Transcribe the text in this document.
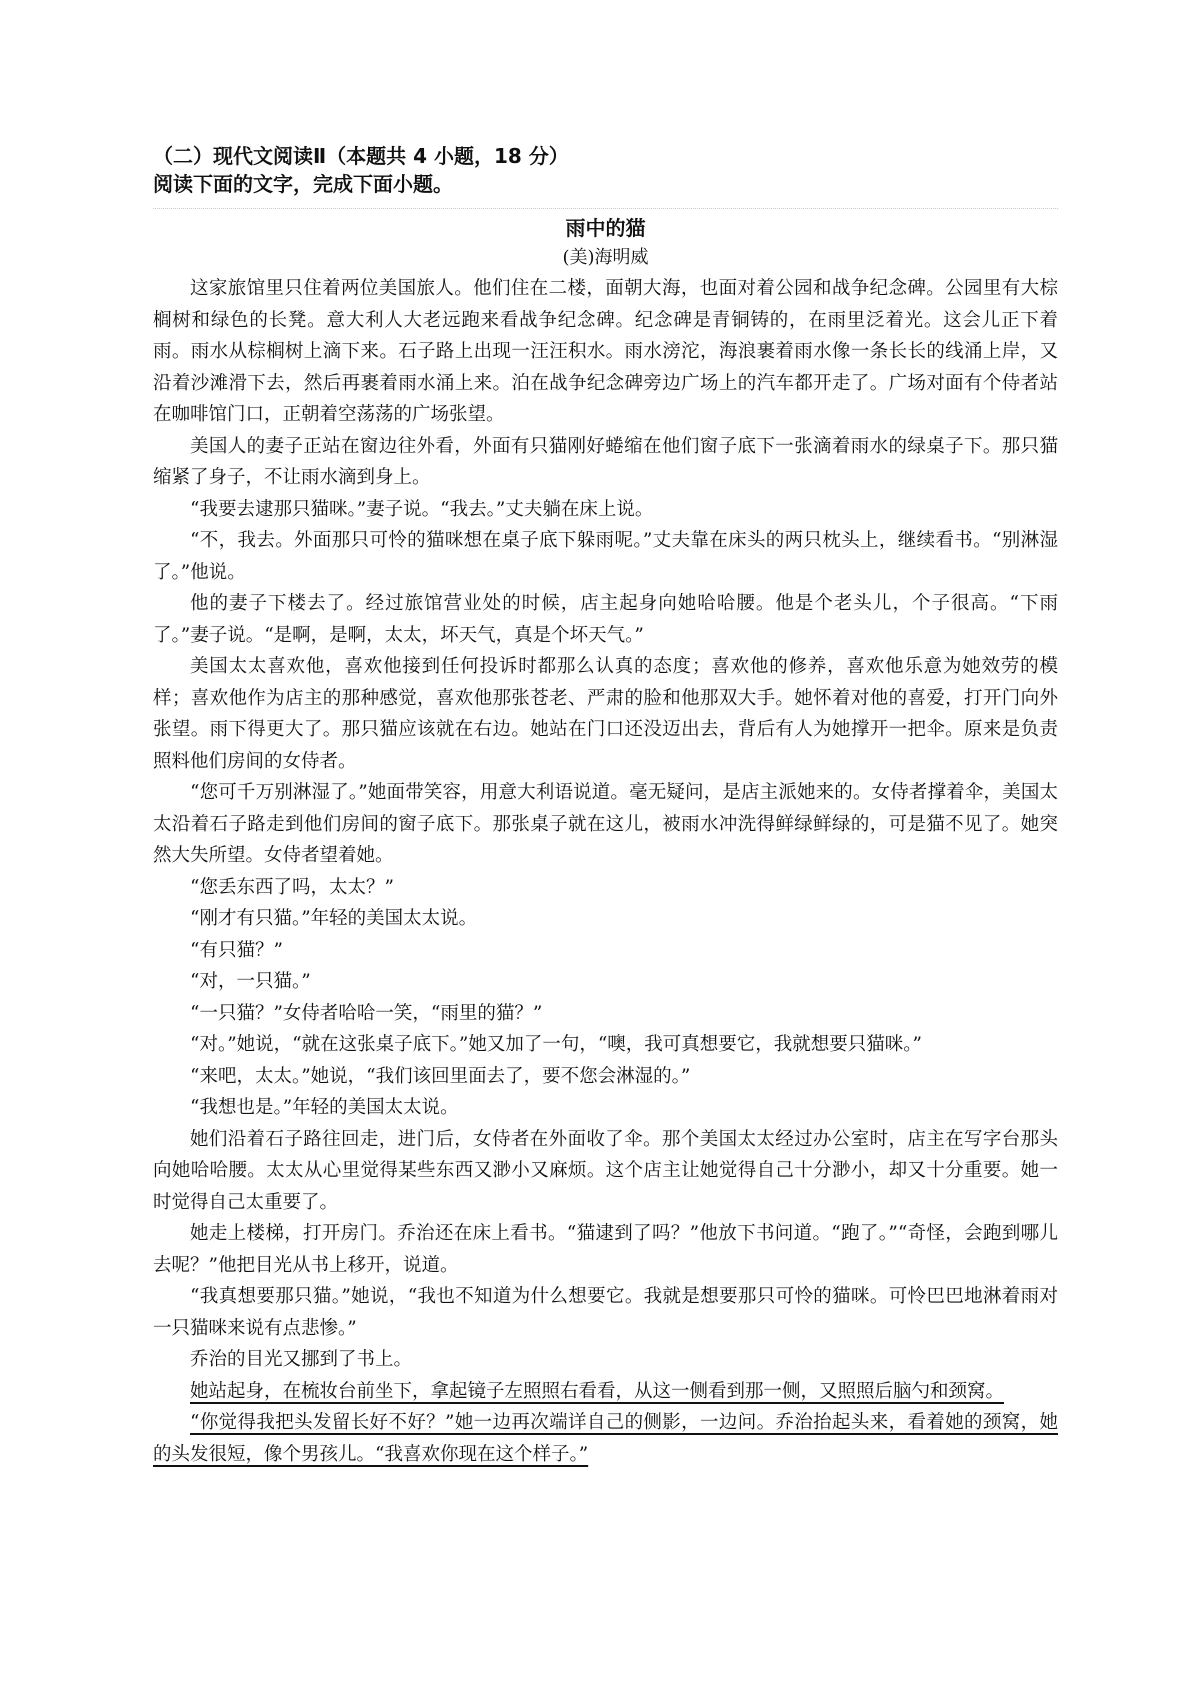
（二）现代文阅读Ⅱ（本题共 4 小题，18 分）

阅读下面的文字，完成下面小题。

雨中的猫

(美)海明威

这家旅馆里只住着两位美国旅人。他们住在二楼，面朝大海，也面对着公园和战争纪念碑。公园里有大棕榈树和绿色的长凳。意大利人大老远跑来看战争纪念碑。纪念碑是青铜铸的，在雨里泛着光。这会儿正下着雨。雨水从棕榈树上滴下来。石子路上出现一汪汪积水。雨水滂沱，海浪裹着雨水像一条长长的线涌上岸，又沿着沙滩滑下去，然后再裹着雨水涌上来。泊在战争纪念碑旁边广场上的汽车都开走了。广场对面有个侍者站在咖啡馆门口，正朝着空荡荡的广场张望。

美国人的妻子正站在窗边往外看，外面有只猫刚好蜷缩在他们窗子底下一张滴着雨水的绿桌子下。那只猫缩紧了身子，不让雨水滴到身上。

“我要去逮那只猫咪。”妻子说。“我去。”丈夫躺在床上说。

“不，我去。外面那只可怜的猫咪想在桌子底下躲雨呢。”丈夫靠在床头的两只枕头上，继续看书。“别淋湿了。”他说。

他的妻子下楼去了。经过旅馆营业处的时候，店主起身向她哈哈腰。他是个老头儿，个子很高。“下雨了。”妻子说。“是啊，是啊，太太，坏天气，真是个坏天气。”

美国太太喜欢他，喜欢他接到任何投诉时都那么认真的态度；喜欢他的修养，喜欢他乐意为她效劳的模样；喜欢他作为店主的那种感觉，喜欢他那张苍老、严肃的脸和他那双大手。她怀着对他的喜爱，打开门向外张望。雨下得更大了。那只猫应该就在右边。她站在门口还没迈出去，背后有人为她撑开一把伞。原来是负责照料他们房间的女侍者。

“您可千万别淋湿了。”她面带笑容，用意大利语说道。毫无疑问，是店主派她来的。女侍者撑着伞，美国太太沿着石子路走到他们房间的窗子底下。那张桌子就在这儿，被雨水冲洗得鲜绿鲜绿的，可是猫不见了。她突然大失所望。女侍者望着她。

“您丢东西了吗，太太？”

“刚才有只猫。”年轻的美国太太说。

“有只猫？”

“对，一只猫。”

“一只猫？”女侍者哈哈一笑，“雨里的猫？”

“对。”她说，“就在这张桌子底下。”她又加了一句，“噢，我可真想要它，我就想要只猫咪。”

“来吧，太太。”她说，“我们该回里面去了，要不您会淋湿的。”

“我想也是。”年轻的美国太太说。

她们沿着石子路往回走，进门后，女侍者在外面收了伞。那个美国太太经过办公室时，店主在写字台那头向她哈哈腰。太太从心里觉得某些东西又渺小又麻烦。这个店主让她觉得自己十分渺小，却又十分重要。她一时觉得自己太重要了。

她走上楼梯，打开房门。乔治还在床上看书。“猫逮到了吗？”他放下书问道。“跑了。”“奇怪，会跑到哪儿去呢？”他把目光从书上移开，说道。

“我真想要那只猫。”她说，“我也不知道为什么想要它。我就是想要那只可怜的猫咪。可怜巴巴地淋着雨对一只猫咪来说有点悲惨。”

乔治的目光又挪到了书上。

她站起身，在梳妆台前坐下，拿起镜子左照照右看看，从这一侧看到那一侧，又照照后脑勺和颈窝。

“你觉得我把头发留长好不好？”她一边再次端详自己的侧影，一边问。乔治抬起头来，看着她的颈窝，她的头发很短，像个男孩儿。“我喜欢你现在这个样子。”
